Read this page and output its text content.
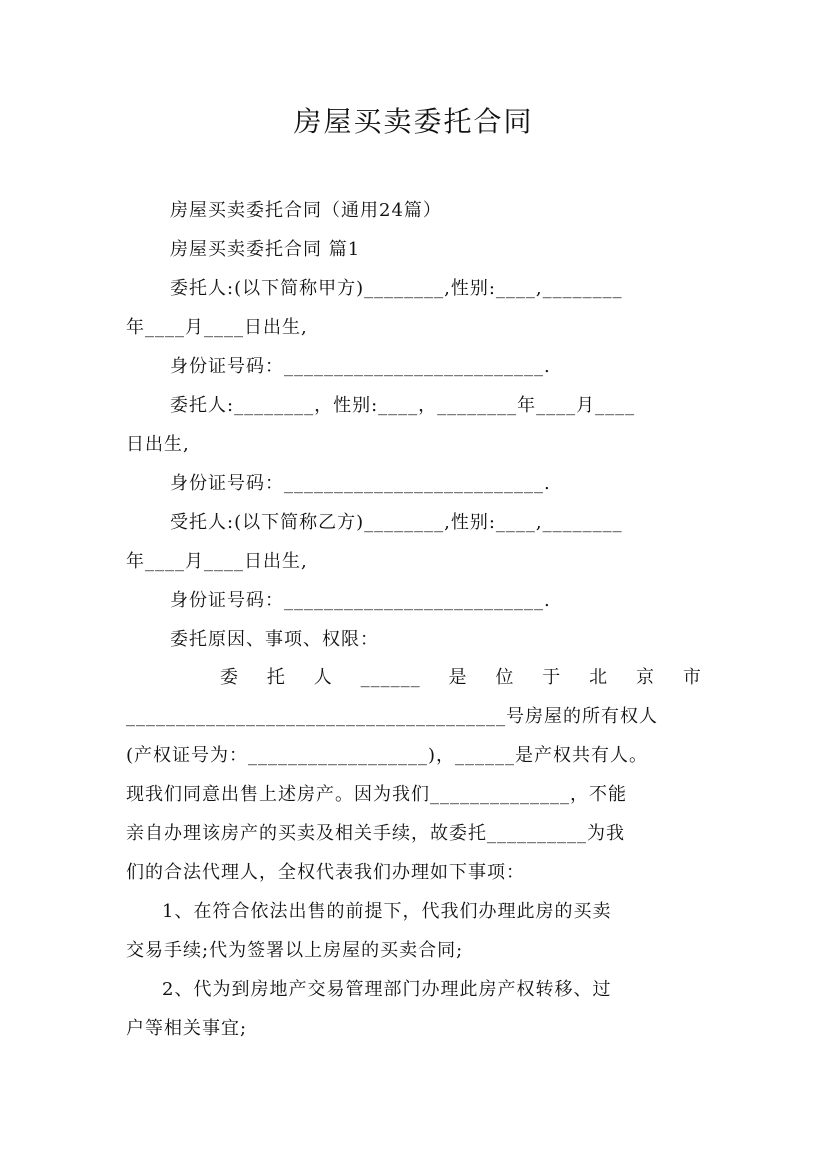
房屋买卖委托合同
房屋买卖委托合同（通用24篇）
房屋买卖委托合同 篇1
委托人:(以下简称甲方)________,性别:____,________
年____月____日出生,
身份证号码：__________________________.
委托人:________，性别:____，________年____月____
日出生,
身份证号码：__________________________.
受托人:(以下简称乙方)________,性别:____,________
年____月____日出生,
身份证号码：__________________________.
委托原因、事项、权限：
委 托 人 ______ 是 位 于 北 京 市
______________________________________号房屋的所有权人
(产权证号为：__________________)，______是产权共有人。
现我们同意出售上述房产。因为我们______________，不能
亲自办理该房产的买卖及相关手续，故委托__________为我
们的合法代理人，全权代表我们办理如下事项：
1、在符合依法出售的前提下，代我们办理此房的买卖
交易手续;代为签署以上房屋的买卖合同;
2、代为到房地产交易管理部门办理此房产权转移、过
户等相关事宜;
